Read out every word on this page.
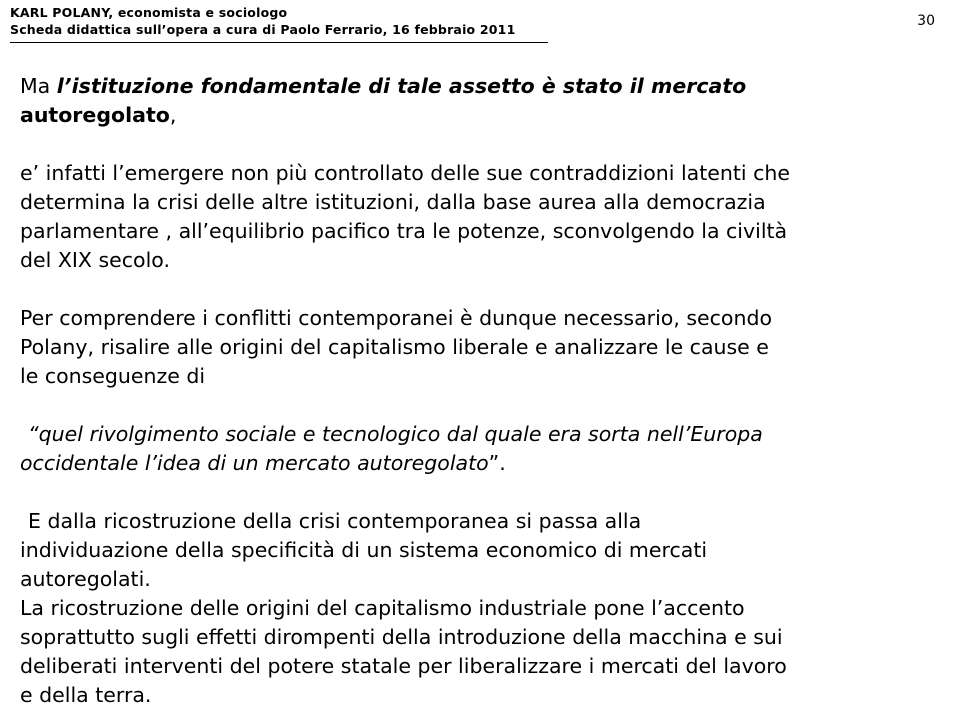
KARL POLANY, economista e sociologo
Scheda didattica sull’opera a cura di Paolo Ferrario, 16 febbraio 2011
30

Ma l’istituzione fondamentale di tale assetto è stato il mercato
autoregolato,

e’ infatti l’emergere non più controllato delle sue contraddizioni latenti che
determina la crisi delle altre istituzioni, dalla base aurea alla democrazia
parlamentare , all’equilibrio pacifico tra le potenze, sconvolgendo la civiltà
del XIX secolo.

Per comprendere i conflitti contemporanei è dunque necessario, secondo
Polany, risalire alle origini del capitalismo liberale e analizzare le cause e
le conseguenze di

“quel rivolgimento sociale e tecnologico dal quale era sorta nell’Europa
occidentale l’idea di un mercato autoregolato”.

E dalla ricostruzione della crisi contemporanea si passa alla
individuazione della specificità di un sistema economico di mercati
autoregolati.

La ricostruzione delle origini del capitalismo industriale pone l’accento
soprattutto sugli effetti dirompenti della introduzione della macchina e sui
deliberati interventi del potere statale per liberalizzare i mercati del lavoro
e della terra.
